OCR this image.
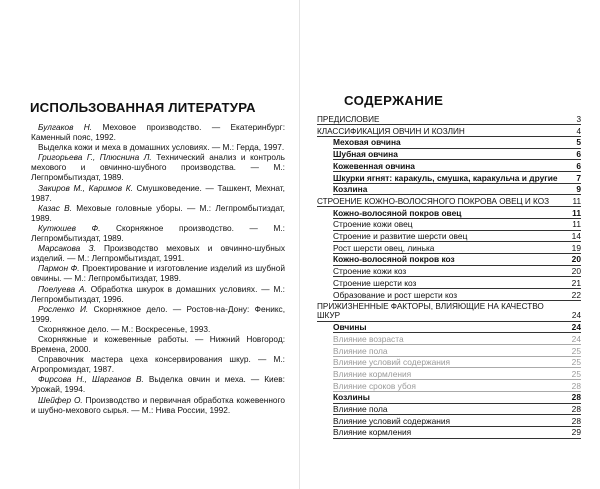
ИСПОЛЬЗОВАННАЯ ЛИТЕРАТУРА

Булгаков Н. Меховое производство. — Екатеринбург: Каменный пояс, 1992.

Выделка кожи и меха в домашних условиях. — М.: Герда, 1997.

Григорьева Г., Плюснина Л. Технический анализ и контроль мехового и овчинно-шубного производства. — М.: Легпромбытиздат, 1989.

Закиров М., Каримов К. Смушковедение. — Ташкент, Мехнат, 1987.

Казас В. Меховые головные уборы. — М.: Легпромбытиздат, 1989.

Кутюшев Ф. Скорняжное производство. — М.: Легпромбытиздат, 1989.

Марсакова З. Производство меховых и овчинно-шубных изделий. — М.: Легпромбытиздат, 1991.

Пармон Ф. Проектирование и изготовление изделий из шубной овчины. — М.: Легпромбытиздат, 1989.

Поелуева А. Обработка шкурок в домашних условиях. — М.: Легпромбытиздат, 1996.

Росленко И. Скорняжное дело. — Ростов-на-Дону: Феникс, 1999.

Скорняжное дело. — М.: Воскресенье, 1993.

Скорняжные и кожевенные работы. — Нижний Новгород: Времена, 2000.

Справочник мастера цеха консервирования шкур. — М.: Агропромиздат, 1987.

Фирсова Н., Шарганов В. Выделка овчин и меха. — Киев: Урожай, 1994.

Шейфер О. Производство и первичная обработка кожевенного и шубно-мехового сырья. — М.: Нива России, 1992.

СОДЕРЖАНИЕ
ПРЕДИСЛОВИЕ	3
КЛАССИФИКАЦИЯ ОВЧИН И КОЗЛИН	4
Меховая овчина	5
Шубная овчина	6
Кожевенная овчина	6
Шкурки ягнят: каракуль, смушка, каракульча и другие	7
Козлина	9
СТРОЕНИЕ КОЖНО-ВОЛОСЯНОГО ПОКРОВА ОВЕЦ И КОЗ	11
Кожно-волосяной покров овец	11
Строение кожи овец	11
Строение и развитие шерсти овец	14
Рост шерсти овец, линька	19
Кожно-волосяной покров коз	20
Строение кожи коз	20
Строение шерсти коз	21
Образование и рост шерсти коз	22
ПРИЖИЗНЕННЫЕ ФАКТОРЫ, ВЛИЯЮЩИЕ НА КАЧЕСТВО ШКУР	24
Овчины	24
Влияние возраста	24
Влияние пола	25
Влияние условий содержания	25
Влияние кормления	25
Влияние сроков убоя	28
Козлины	28
Влияние пола	28
Влияние условий содержания	28
Влияние кормления	29
